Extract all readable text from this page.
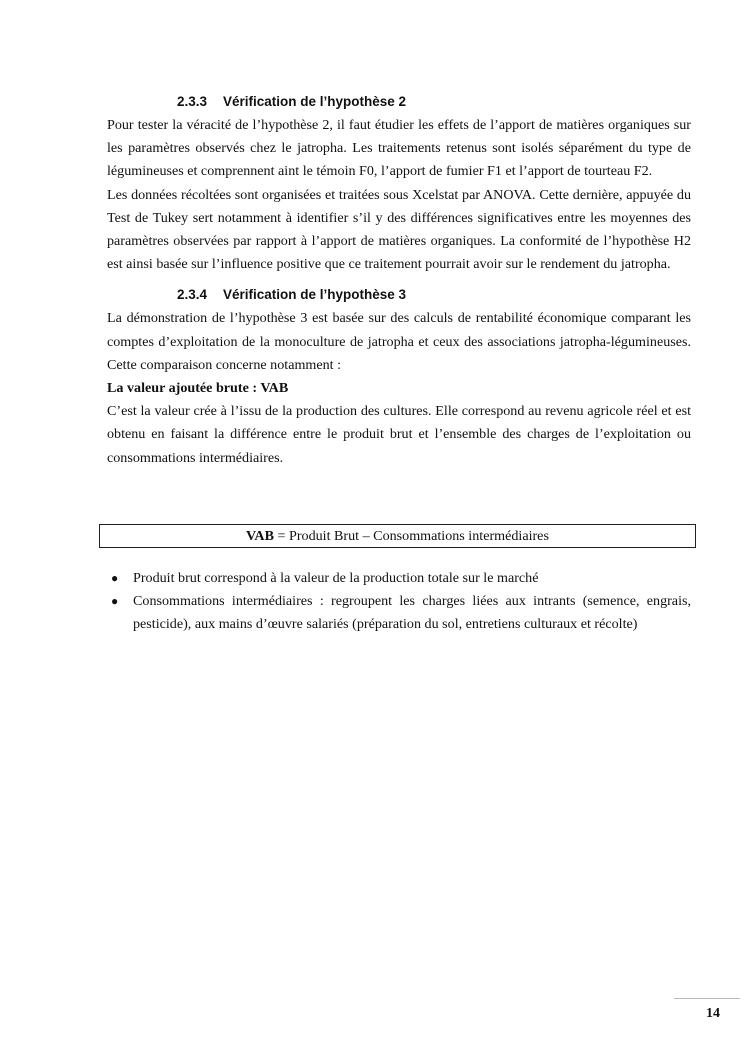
2.3.3 Vérification de l’hypothèse 2

Pour tester la véracité de l’hypothèse 2, il faut étudier les effets de l’apport de matières organiques sur les paramètres observés chez le jatropha. Les traitements retenus sont isolés séparément du type de légumineuses et comprennent aint le témoin F0, l’apport de fumier F1 et l’apport de tourteau F2.

Les données récoltées sont organisées et traitées sous Xcelstat par ANOVA. Cette dernière, appuyée du Test de Tukey sert notamment à identifier s’il y des différences significatives entre les moyennes des paramètres observées par rapport à l’apport de matières organiques. La conformité de l’hypothèse H2 est ainsi basée sur l’influence positive que ce traitement pourrait avoir sur le rendement du jatropha.

2.3.4 Vérification de l’hypothèse 3

La démonstration de l’hypothèse 3 est basée sur des calculs de rentabilité économique comparant les comptes d’exploitation de la monoculture de jatropha et ceux des associations jatropha-légumineuses. Cette comparaison concerne notamment :

La valeur ajoutée brute : VAB

C’est la valeur crée à l’issu de la production des cultures. Elle correspond au revenu agricole réel et est obtenu en faisant la différence entre le produit brut et l’ensemble des charges de l’exploitation ou consommations intermédiaires.

VAB = Produit Brut – Consommations intermédiaires
● Produit brut correspond à la valeur de la production totale sur le marché
● Consommations intermédiaires : regroupent les charges liées aux intrants (semence, engrais, pesticide), aux mains d’œuvre salariés (préparation du sol, entretiens culturaux et récolte)
14
